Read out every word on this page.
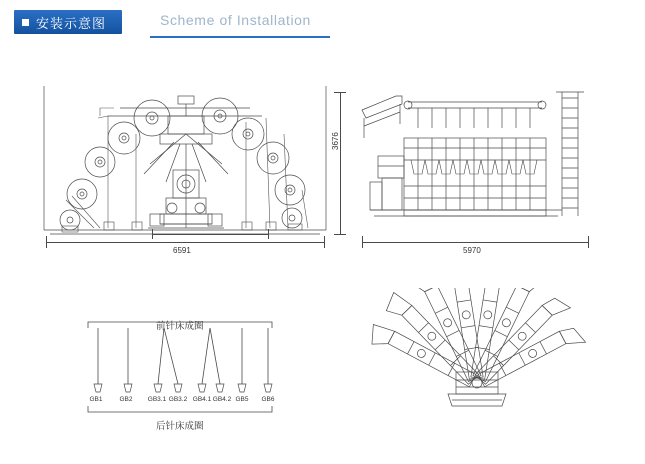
安装示意图	Scheme of Installation
6591
3676
5970
前针床成圈
后针床成圈
GB1	GB2	GB3.1 GB3.2 GB4.1 GB4.2 GB5	GB6
